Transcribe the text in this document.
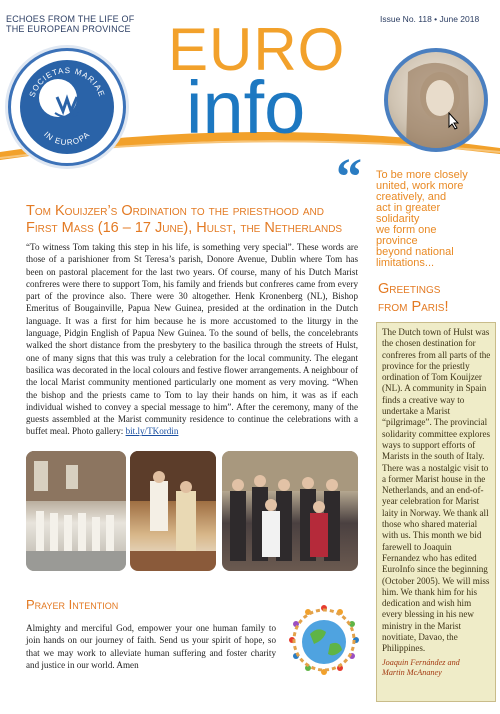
ECHOES FROM THE LIFE OF
THE EUROPEAN PROVINCE
Issue No. 118 • June 2018
EURO
info
SOCIETAS MARIAE
IN EUROPA
“ To be more closely
united, work more
creatively, and
act in greater
solidarity
we form one
province
beyond national
limitations...
Tom Kouijzer’s Ordination to the priesthood and First Mass (16 – 17 June), Hulst, the Netherlands
“To witness Tom taking this step in his life, is something very special”. These words are those of a parishioner from St Teresa’s parish, Donore Avenue, Dublin where Tom has been on pastoral placement for the last two years. Of course, many of his Dutch Marist confreres were there to support Tom, his family and friends but confreres came from every part of the province also. There were 30 altogether. Henk Kronenberg (NL), Bishop Emeritus of Bougainville, Papua New Guinea, presided at the ordination in the Dutch language. It was a first for him because he is more accustomed to the liturgy in the language, Pidgin English of Papua New Guinea. To the sound of bells, the concelebrants walked the short distance from the presbytery to the basilica through the streets of Hulst, one of many signs that this was truly a celebration for the local community. The elegant basilica was decorated in the local colours and festive flower arrangements. A neighbour of the local Marist community mentioned particularly one moment as very moving. “When the bishop and the priests came to Tom to lay their hands on him, it was as if each individual wished to convey a special message to him”. After the ceremony, many of the guests assembled at the Marist community residence to continue the celebrations with a buffet meal. Photo gallery: bit.ly/TKordin
Prayer Intention
Almighty and merciful God, empower your one human family to join hands on our journey of faith. Send us your spirit of hope, so that we may work to alleviate human suffering and foster charity and justice in our world. Amen
Greetings
from Paris!
The Dutch town of Hulst was the chosen destination for confreres from all parts of the province for the priestly ordination of Tom Kouijzer (NL). A community in Spain finds a creative way to undertake a Marist “pilgrimage”. The provincial solidarity committee explores ways to support efforts of Marists in the south of Italy. There was a nostalgic visit to a former Marist house in the Netherlands, and an end-of-year celebration for Marist laity in Norway. We thank all those who shared material with us. This month we bid farewell to Joaquin Fernandez who has edited EuroInfo since the beginning (October 2005). We will miss him. We thank him for his dedication and wish him every blessing in his new ministry in the Marist novitiate, Davao, the Philippines.
Joaquin Fernández and
Martin McAnaney
